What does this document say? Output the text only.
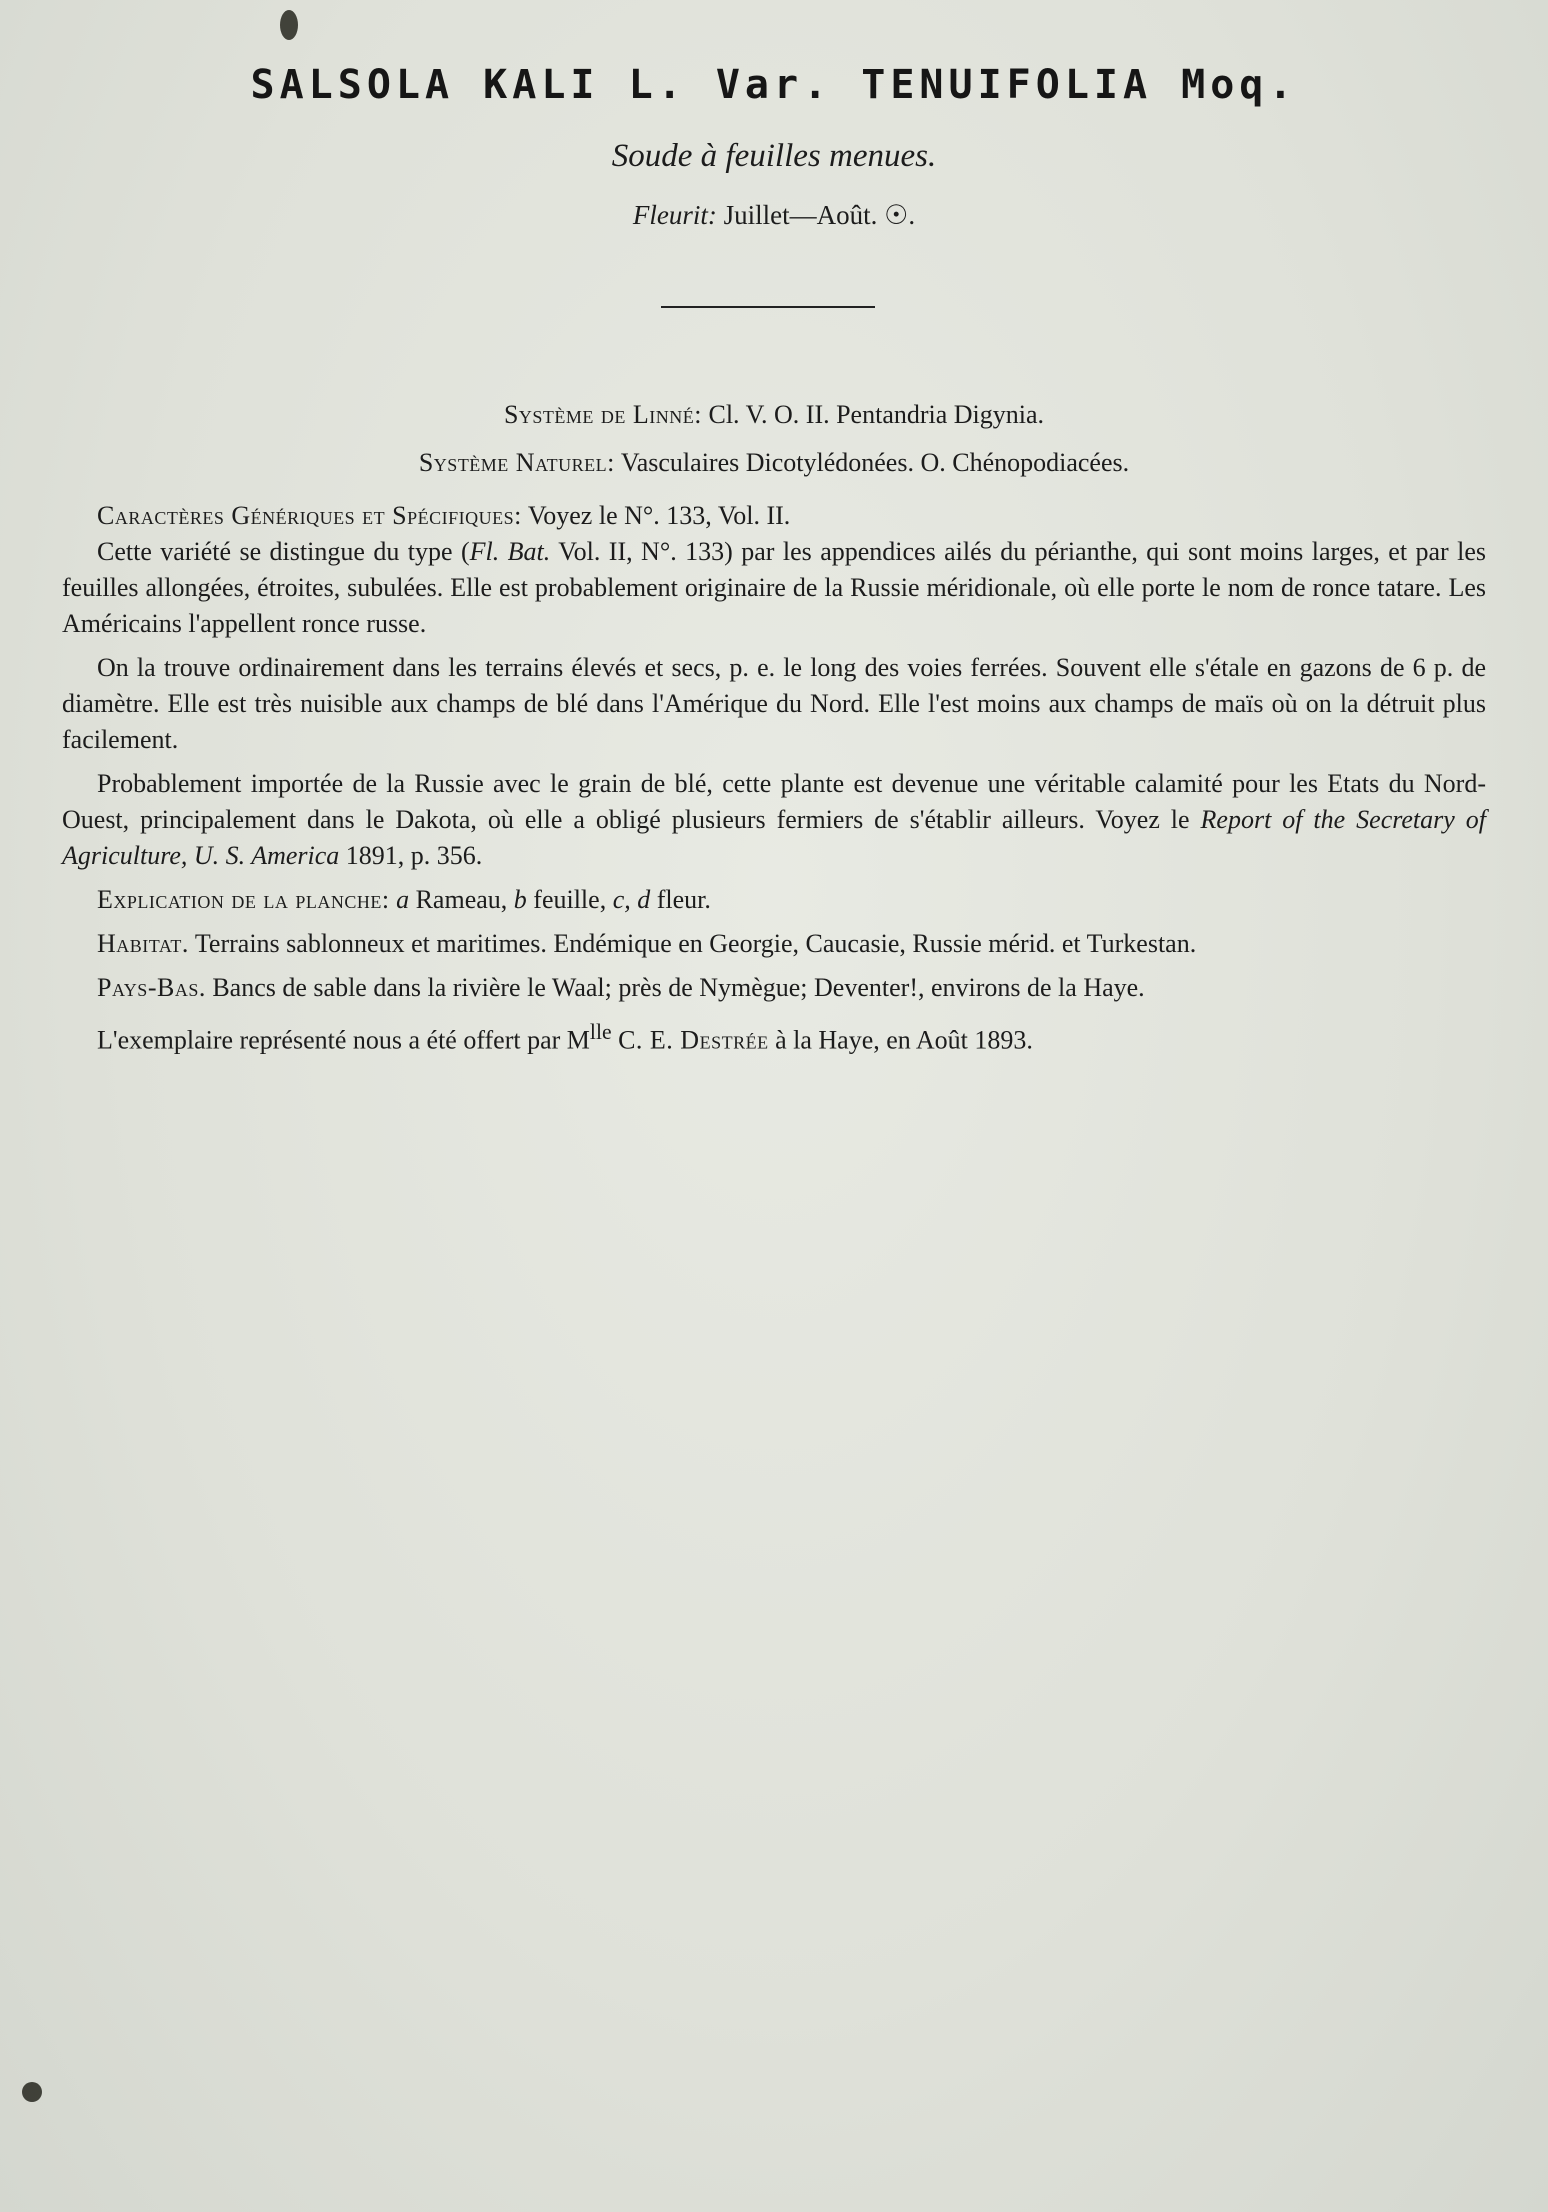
SALSOLA KALI L. Var. TENUIFOLIA Moq.
Soude à feuilles menues.
Fleurit: Juillet—Août. ☉.
Système de Linné: Cl. V. O. II. Pentandria Digynia.
Système Naturel: Vasculaires Dicotylédonées. O. Chénopodiacées.

Caractères Génériques et Spécifiques: Voyez le N°. 133, Vol. II.

Cette variété se distingue du type (Fl. Bat. Vol. II, N°. 133) par les appendices ailés du périanthe, qui sont moins larges, et par les feuilles allongées, étroites, subulées. Elle est probablement originaire de la Russie méridionale, où elle porte le nom de ronce tatare. Les Américains l'appellent ronce russe.

On la trouve ordinairement dans les terrains élevés et secs, p. e. le long des voies ferrées. Souvent elle s'étale en gazons de 6 p. de diamètre. Elle est très nuisible aux champs de blé dans l'Amérique du Nord. Elle l'est moins aux champs de maïs où on la détruit plus facilement.

Probablement importée de la Russie avec le grain de blé, cette plante est devenue une véritable calamité pour les Etats du Nord-Ouest, principalement dans le Dakota, où elle a obligé plusieurs fermiers de s'établir ailleurs. Voyez le Report of the Secretary of Agriculture, U. S. America 1891, p. 356.

Explication de la planche: a Rameau, b feuille, c, d fleur.

Habitat. Terrains sablonneux et maritimes. Endémique en Georgie, Caucasie, Russie mérid. et Turkestan.

Pays-Bas. Bancs de sable dans la rivière le Waal; près de Nymègue; Deventer!, environs de la Haye.

L'exemplaire représenté nous a été offert par $M^{lle}$ C. E. Destrée à la Haye, en Août 1893.
